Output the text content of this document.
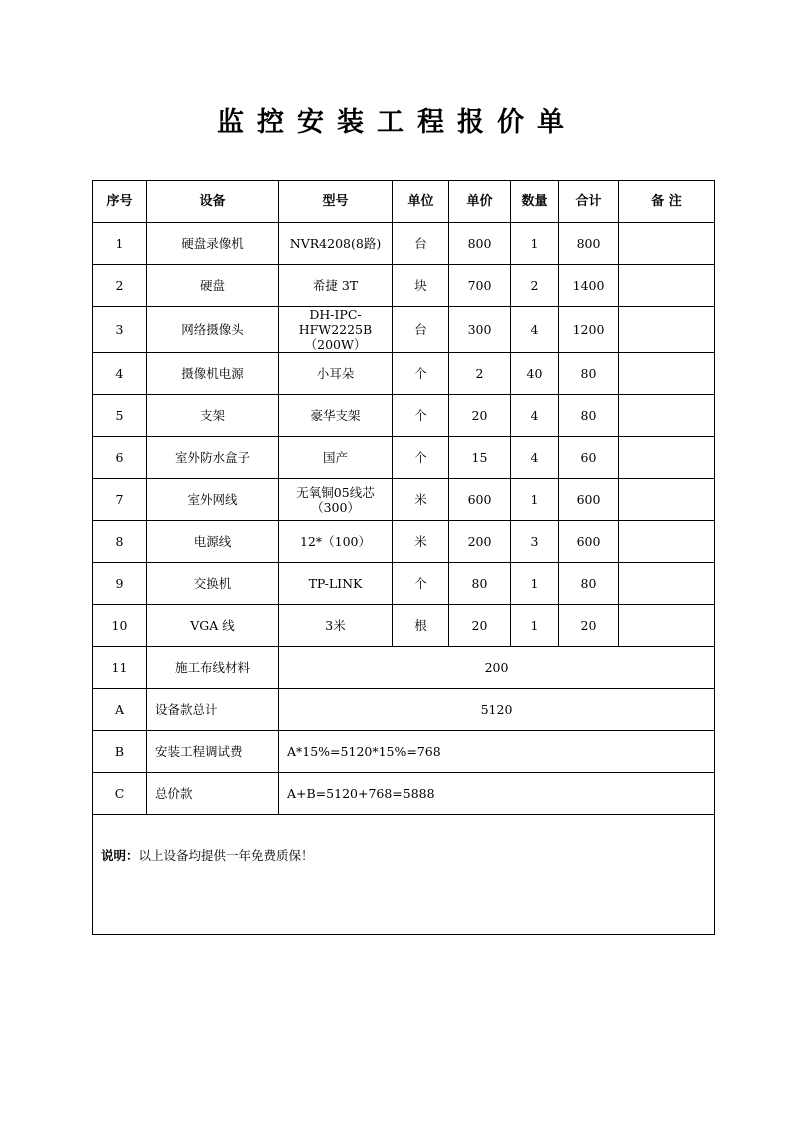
监控安装工程报价单
序号	设备	型号	单位	单价	数量	合计	备 注
1	硬盘录像机	NVR4208(8路)	台	800	1	800	
2	硬盘	希捷 3T	块	700	2	1400	
3	网络摄像头	DH-IPC-HFW2225B（200W）	台	300	4	1200	
4	摄像机电源	小耳朵	个	2	40	80	
5	支架	豪华支架	个	20	4	80	
6	室外防水盒子	国产	个	15	4	60	
7	室外网线	无氧铜05线芯（300）	米	600	1	600	
8	电源线	12*（100）	米	200	3	600	
9	交换机	TP-LINK	个	80	1	80	
10	VGA 线	3米	根	20	1	20	
11	施工布线材料	200					
A	设备款总计	5120					
B	安装工程调试费	A*15%=5120*15%=768					
C	总价款	A+B=5120+768=5888					
说明：以上设备均提供一年免费质保！							
